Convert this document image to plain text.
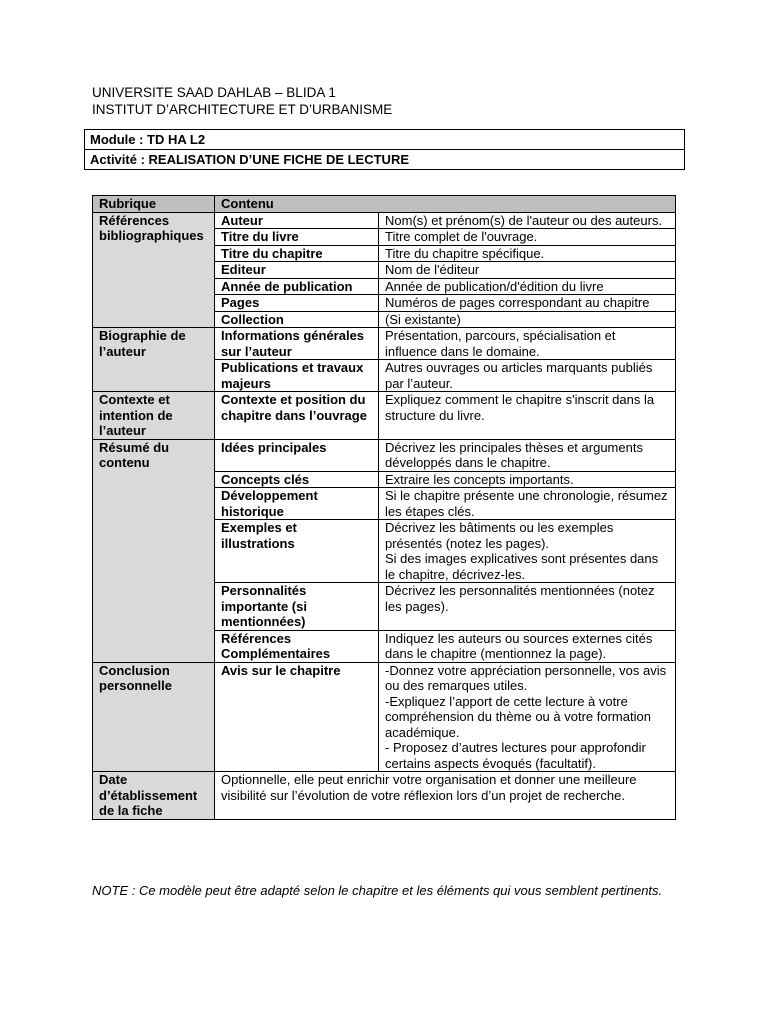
UNIVERSITE SAAD DAHLAB – BLIDA 1
INSTITUT D’ARCHITECTURE ET D’URBANISME
Module : TD HA L2
Activité : REALISATION D’UNE FICHE DE LECTURE
Rubrique	Contenu	
Références bibliographiques	Auteur	Nom(s) et prénom(s) de l'auteur ou des auteurs.

	Titre du livre	Titre complet de l'ouvrage.

	Titre du chapitre	Titre du chapitre spécifique.

	Editeur	Nom de l'éditeur

	Année de publication	Année de publication/d'édition du livre

	Pages	Numéros de pages correspondant au chapitre

	Collection	(Si existante)

Biographie de l’auteur	Informations générales sur l’auteur	Présentation, parcours, spécialisation et influence dans le domaine.

	Publications et travaux majeurs	Autres ouvrages ou articles marquants publiés par l’auteur.

Contexte et intention de l’auteur	Contexte et position du chapitre dans l’ouvrage	Expliquez comment le chapitre s'inscrit dans la structure du livre.

Résumé du contenu	Idées principales	Décrivez les principales thèses et arguments développés dans le chapitre.

	Concepts clés	Extraire les concepts importants.

	Développement historique	Si le chapitre présente une chronologie, résumez les étapes clés.

	Exemples et illustrations	Décrivez les bâtiments ou les exemples présentés (notez les pages).
Si des images explicatives sont présentes dans le chapitre, décrivez-les.

	Personnalités importante (si mentionnées)	Décrivez les personnalités mentionnées (notez les pages).

	Références Complémentaires	Indiquez les auteurs ou sources externes cités dans le chapitre (mentionnez la page).

Conclusion personnelle	Avis sur le chapitre	-Donnez votre appréciation personnelle, vos avis ou des remarques utiles.
-Expliquez l’apport de cette lecture à votre compréhension du thème ou à votre formation académique.
- Proposez d’autres lectures pour approfondir certains aspects évoqués (facultatif).

Date d’établissement de la fiche	Optionnelle, elle peut enrichir votre organisation et donner une meilleure visibilité sur l’évolution de votre réflexion lors d’un projet de recherche.	
NOTE : Ce modèle peut être adapté selon le chapitre et les éléments qui vous semblent pertinents.
